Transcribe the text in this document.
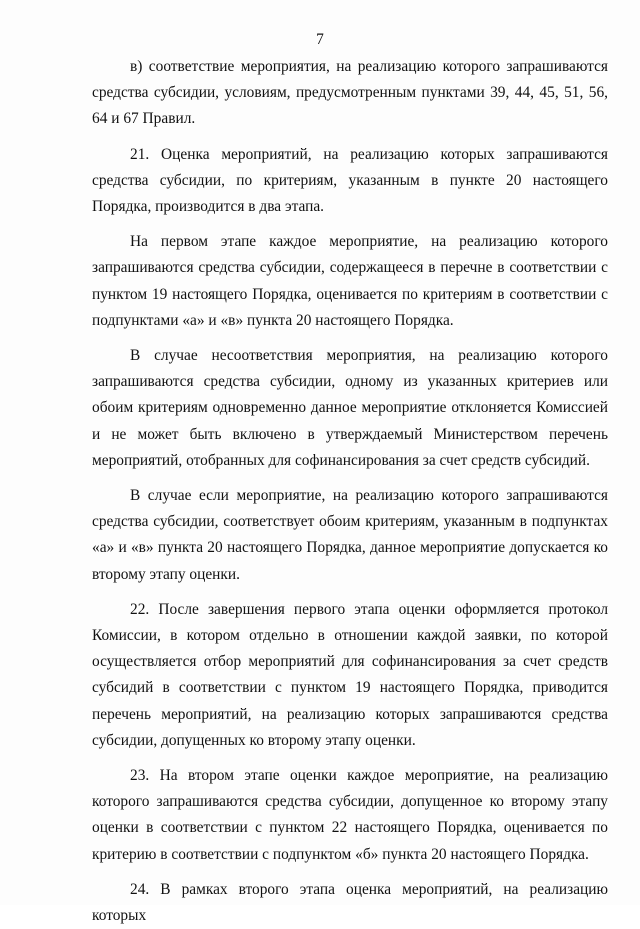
7

в) соответствие мероприятия, на реализацию которого запрашиваются средства субсидии, условиям, предусмотренным пунктами 39, 44, 45, 51, 56, 64 и 67 Правил.

21. Оценка мероприятий, на реализацию которых запрашиваются средства субсидии, по критериям, указанным в пункте 20 настоящего Порядка, производится в два этапа.

На первом этапе каждое мероприятие, на реализацию которого запрашиваются средства субсидии, содержащееся в перечне в соответствии с пунктом 19 настоящего Порядка, оценивается по критериям в соответствии с подпунктами «а» и «в» пункта 20 настоящего Порядка.

В случае несоответствия мероприятия, на реализацию которого запрашиваются средства субсидии, одному из указанных критериев или обоим критериям одновременно данное мероприятие отклоняется Комиссией и не может быть включено в утверждаемый Министерством перечень мероприятий, отобранных для софинансирования за счет средств субсидий.

В случае если мероприятие, на реализацию которого запрашиваются средства субсидии, соответствует обоим критериям, указанным в подпунктах «а» и «в» пункта 20 настоящего Порядка, данное мероприятие допускается ко второму этапу оценки.

22. После завершения первого этапа оценки оформляется протокол Комиссии, в котором отдельно в отношении каждой заявки, по которой осуществляется отбор мероприятий для софинансирования за счет средств субсидий в соответствии с пунктом 19 настоящего Порядка, приводится перечень мероприятий, на реализацию которых запрашиваются средства субсидии, допущенных ко второму этапу оценки.

23. На втором этапе оценки каждое мероприятие, на реализацию которого запрашиваются средства субсидии, допущенное ко второму этапу оценки в соответствии с пунктом 22 настоящего Порядка, оценивается по критерию в соответствии с подпунктом «б» пункта 20 настоящего Порядка.

24. В рамках второго этапа оценка мероприятий, на реализацию которых
